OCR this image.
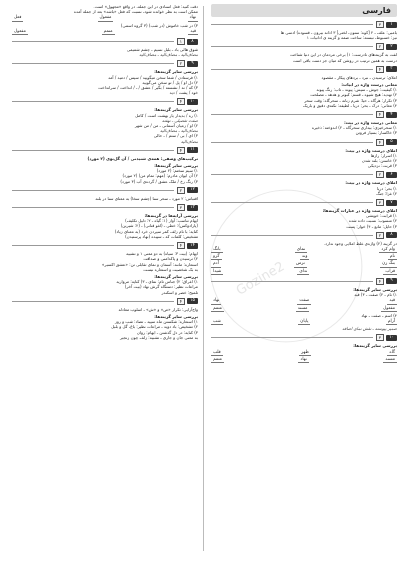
Gozine2
فارسی
۱
۳
بامبی: علف ـ ۲ [کوه: ستون، لختی] ۳ اذانه بیرون ـ قسوده) ادسی ها
نیز: خسبوط، نبسته: ساخت ضمه و گزینه ی ادانیات ۱
۲
۲
لفت به گزینه‌های نادرست: ۱) برخی مردمان در این دنیا شناخت
درست به همین ترتیب در روشن که میان جز دست باقی است
۳
۴
املای: ترسیدن ـ نبرد ـ بردهای پیکار ـ مقصود
معانی درست واژه در ابیات:
۱) کیفیت: جوش ‌ـ سپس: پیوند ـ تاب: رنگ پیوند
۲) تهدید: هیچ شیوه ـ قسم: کبوتر و هدهد ـ مصلحت
۳) تکرار: هرگاه ـ حیا: شرم زنانه ـ سحرگاه: وقت سحر
۴) معانی: درک ـ بحر: دریا ـ لطیفه: نکته‌ی دقیق و باریک
۴
۴
معانی درست واژه در بیت:
۱) سحرخیزی: بیداری سحرگاه ـ ۲) اندوخته: ذخیره
۳) خاکسار: بسیار فروتن
۵
۴
املای درست واژه در بیت:
۱) اسرار: رازها
۲) خاستن: بلند شدن
۳) قربت: نزدیکی
۶
۲
املای درست واژه در بیت:
۱) بحر: دریا
۲) غزا: جنگ
۷
۳
املای درست واژه در عبارات گزینه‌ها:
۱) قرابت: خویشی
۲) منسوب: نسبت داده شده
۳) حایل: مانع ـ ۴) خوار: پست
۸
۲
در گزینه (۲) واژه‌ی غلط املایی وجود ندارد.
وام کرد
نمای
بانگ
نام
وند
گرو
بنگ زن
ترس
آدم
قراب
ندای
شیدا
۹
۴
بررسی سایر گزینه‌ها:
۱) نام ـ ۲) صفت ـ ۳) قید
قید
صفت
نهاد
مفعول
مسند
متمم
۴) اسم ـ صفت ـ نهاد
آرام
پایان
شب
ضمیر پیوسته ـ نقش نمای اضافه
۱۰
۳
بررسی سایر گزینه‌ها:
گاه
ظهر
قلب
مسند
نهاد
متمم
دقت کنید: فعل اسنادی در این جمله، در واقع «مجهول» است.
ممکن است به نظر خوانده شود، نسبت که فعل «باشد» بعد از جمله آمده
نهاد
مفعول
فعل
۳) در شب خاموش (در شب) (۳ گروه اسمی)
قید
متمم
مفعول
۸
۱
شوق هالی باد ـ بلبل نسیم ـ چشم شمیمی
مضاف‌الیه ـ مضاف‌الیه ـ مضاف‌الیه
۹
۲
بررسی سایر گزینه‌ها:
۱) فرستادن / شما سخن میگویید / سپس / دمید / آمد
۲) دل او / پل / تو سخن می‌گویید
۳) که / نه / نشسته / بگیر / عشق / ـ / انداخت / سرانداخت
خود / پشت / دید
۱۰
۴
بررسی سایر گزینه‌ها:
۱) ره / بدیدار یار بهشت است / کامل
صفت تفضیلی ـ نهفته
۲) او / زمیان آسمانی ـ من / من شهر
مضاف‌الیه ـ مضاف‌الیه
۳) ای / بی / ستم / ـ حالی
مضاف‌الیه
۱۱
۴
ترکیب‌های وصفی: همه‌ی شنیدنی / آن گل‌بوی (۲ مورد)
بررسی سایر گزینه‌ها:
۱) سیم سختم: (۲ مورد)
۲) آن ایوان مادرم: (مهم: تمام من) (۲ مورد)
۳) رنگ رخ / ملک عشق / گرده‌ی آب (۳ مورد)
۱۲
۲
اقتباس: ۲ مورد ـ سحر سنا (چشم سخا) به معنای سنا در بلند
۱۳
۳
بررسی آرایه‌ها در گزینه‌ها:
ایهام تناسب: آواز (۱: گیاه ـ ۲: دلیل تکلیف)
(پارادوکس): خطی ـ (لغو قنانی) ـ (۲: شیرین)
کنایه: با نام زلف کمر سپردن خرد (به معنای زیاد)
تشخیص: کلمات که ـ سپیده (نهاد پرستیدن)
۱۴
۴
ایهام: (بیت ۳: سیاه) به دو معنی ۱ و تشبیه
۲) ترسیدن و پاکدامنی و صداقت
استعاره: مانند: آسمان و نمای تقابلی تن: «عشق اکسیر»
به بک شخصیت و استعاره نیست
بررسی سایر گزینه‌ها:
۱) اغراق: ۲) جناس تام: نمای ـ ۳) کنایه: مروارید
مراعات نظیر: دستگاه گرش نهاد (بیت آخر)
تلمیح: خضر و اسکندر
۱۵
۴
واج‌آرایی: تکرار «ص» و «ش» ـ اسلوب معادله
بررسی سایر گزینه‌ها:
۱) استعاره: شکستن ماه سپید ـ تضاد: شب و روز
۲) تشخیص: باد دوید ـ مراعات نظیر: باغ، گل و بلبل
۳) کنایه: در دل گذشتن ـ ایهام: روان
به معنی جان و جاری ـ تشبیه: زلف چون زنجیر
